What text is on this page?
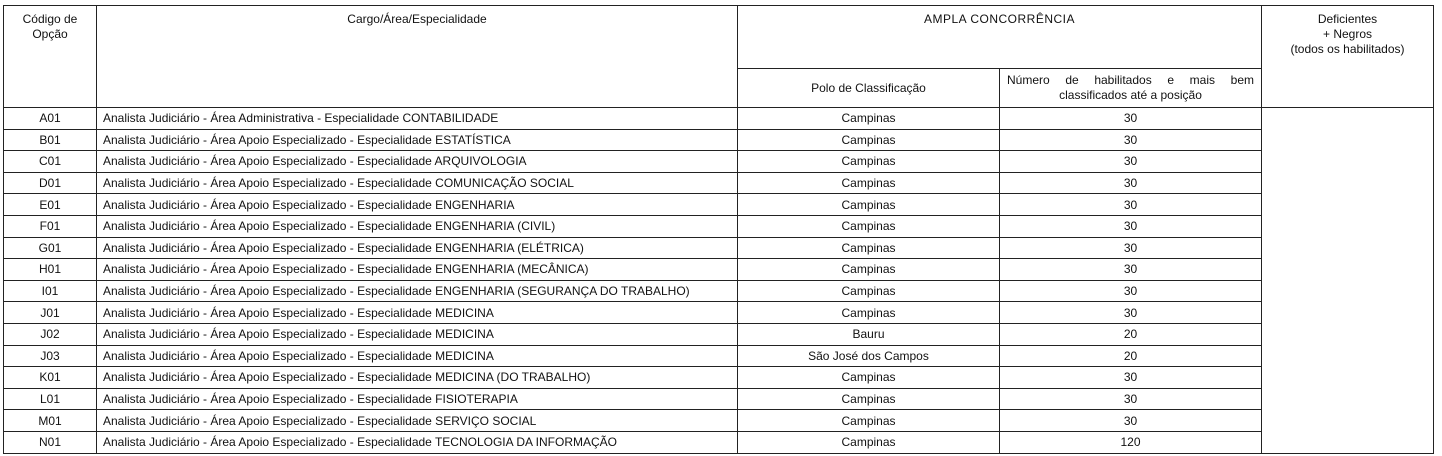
Código de Opção	Cargo/Área/Especialidade	AMPLA CONCORRÊNCIA		Deficientes
+ Negros
(todos os habilitados)
		Polo de Classificação	Número de habilitados e mais bem
classificados até a posição	

A01	Analista Judiciário - Área Administrativa - Especialidade CONTABILIDADE	Campinas	30	
B01	Analista Judiciário - Área Apoio Especializado - Especialidade ESTATÍSTICA	Campinas	30	
C01	Analista Judiciário - Área Apoio Especializado - Especialidade ARQUIVOLOGIA	Campinas	30	
D01	Analista Judiciário - Área Apoio Especializado - Especialidade COMUNICAÇÃO SOCIAL	Campinas	30	
E01	Analista Judiciário - Área Apoio Especializado - Especialidade ENGENHARIA	Campinas	30	
F01	Analista Judiciário - Área Apoio Especializado - Especialidade ENGENHARIA (CIVIL)	Campinas	30	
G01	Analista Judiciário - Área Apoio Especializado - Especialidade ENGENHARIA (ELÉTRICA)	Campinas	30	
H01	Analista Judiciário - Área Apoio Especializado - Especialidade ENGENHARIA (MECÂNICA)	Campinas	30	
I01	Analista Judiciário - Área Apoio Especializado - Especialidade ENGENHARIA (SEGURANÇA DO TRABALHO)	Campinas	30	
J01	Analista Judiciário - Área Apoio Especializado - Especialidade MEDICINA	Campinas	30	
J02	Analista Judiciário - Área Apoio Especializado - Especialidade MEDICINA	Bauru	20	
J03	Analista Judiciário - Área Apoio Especializado - Especialidade MEDICINA	São José dos Campos	20	
K01	Analista Judiciário - Área Apoio Especializado - Especialidade MEDICINA (DO TRABALHO)	Campinas	30	
L01	Analista Judiciário - Área Apoio Especializado - Especialidade FISIOTERAPIA	Campinas	30	
M01	Analista Judiciário - Área Apoio Especializado - Especialidade SERVIÇO SOCIAL	Campinas	30	
N01	Analista Judiciário - Área Apoio Especializado - Especialidade TECNOLOGIA DA INFORMAÇÃO	Campinas	120	
